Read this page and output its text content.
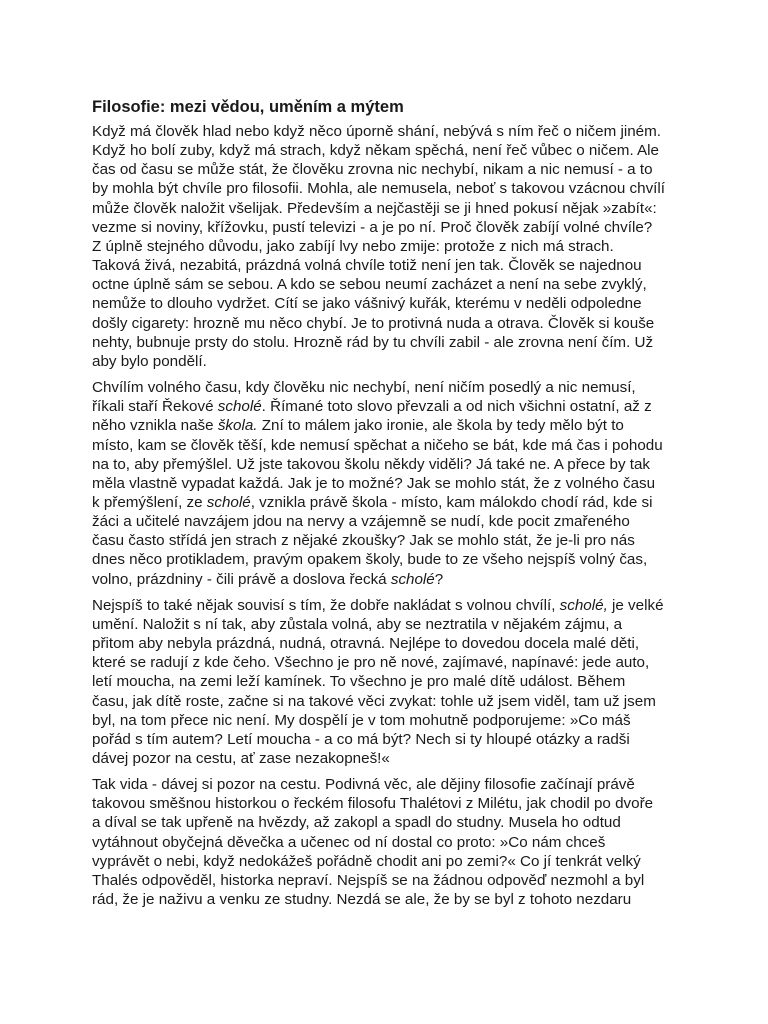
Filosofie: mezi vědou, uměním a mýtem

Když má člověk hlad nebo když něco úporně shání, nebývá s ním řeč o ničem jiném.
Když ho bolí zuby, když má strach, když někam spěchá, není řeč vůbec o ničem. Ale
čas od času se může stát, že člověku zrovna nic nechybí, nikam a nic nemusí - a to
by mohla být chvíle pro filosofii. Mohla, ale nemusela, neboť s takovou vzácnou chvílí
může člověk naložit všelijak. Především a nejčastěji se ji hned pokusí nějak »zabít«:
vezme si noviny, křížovku, pustí televizi - a je po ní. Proč člověk zabíjí volné chvíle?
Z úplně stejného důvodu, jako zabíjí lvy nebo zmije: protože z nich má strach.
Taková živá, nezabitá, prázdná volná chvíle totiž není jen tak. Člověk se najednou
octne úplně sám se sebou. A kdo se sebou neumí zacházet a není na sebe zvyklý,
nemůže to dlouho vydržet. Cítí se jako vášnivý kuřák, kterému v neděli odpoledne
došly cigarety: hrozně mu něco chybí. Je to protivná nuda a otrava. Člověk si kouše
nehty, bubnuje prsty do stolu. Hrozně rád by tu chvíli zabil - ale zrovna není čím. Už
aby bylo pondělí.

Chvílím volného času, kdy člověku nic nechybí, není ničím posedlý a nic nemusí,
říkali staří Řekové scholé. Římané toto slovo převzali a od nich všichni ostatní, až z
něho vznikla naše škola. Zní to málem jako ironie, ale škola by tedy mělo být to
místo, kam se člověk těší, kde nemusí spěchat a ničeho se bát, kde má čas i pohodu
na to, aby přemýšlel. Už jste takovou školu někdy viděli? Já také ne. A přece by tak
měla vlastně vypadat každá. Jak je to možné? Jak se mohlo stát, že z volného času
k přemýšlení, ze scholé, vznikla právě škola - místo, kam málokdo chodí rád, kde si
žáci a učitelé navzájem jdou na nervy a vzájemně se nudí, kde pocit zmařeného
času často střídá jen strach z nějaké zkoušky? Jak se mohlo stát, že je-li pro nás
dnes něco protikladem, pravým opakem školy, bude to ze všeho nejspíš volný čas,
volno, prázdniny - čili právě a doslova řecká scholé?

Nejspíš to také nějak souvisí s tím, že dobře nakládat s volnou chvílí, scholé, je velké
umění. Naložit s ní tak, aby zůstala volná, aby se neztratila v nějakém zájmu, a
přitom aby nebyla prázdná, nudná, otravná. Nejlépe to dovedou docela malé děti,
které se radují z kde čeho. Všechno je pro ně nové, zajímavé, napínavé: jede auto,
letí moucha, na zemi leží kamínek. To všechno je pro malé dítě událost. Během
času, jak dítě roste, začne si na takové věci zvykat: tohle už jsem viděl, tam už jsem
byl, na tom přece nic není. My dospělí je v tom mohutně podporujeme: »Co máš
pořád s tím autem? Letí moucha - a co má být? Nech si ty hloupé otázky a radši
dávej pozor na cestu, ať zase nezakopneš!«

Tak vida - dávej si pozor na cestu. Podivná věc, ale dějiny filosofie začínají právě
takovou směšnou historkou o řeckém filosofu Thalétovi z Milétu, jak chodil po dvoře
a díval se tak upřeně na hvězdy, až zakopl a spadl do studny. Musela ho odtud
vytáhnout obyčejná děvečka a učenec od ní dostal co proto: »Co nám chceš
vyprávět o nebi, když nedokážeš pořádně chodit ani po zemi?« Co jí tenkrát velký
Thalés odpověděl, historka nepraví. Nejspíš se na žádnou odpověď nezmohl a byl
rád, že je naživu a venku ze studny. Nezdá se ale, že by se byl z tohoto nezdaru
